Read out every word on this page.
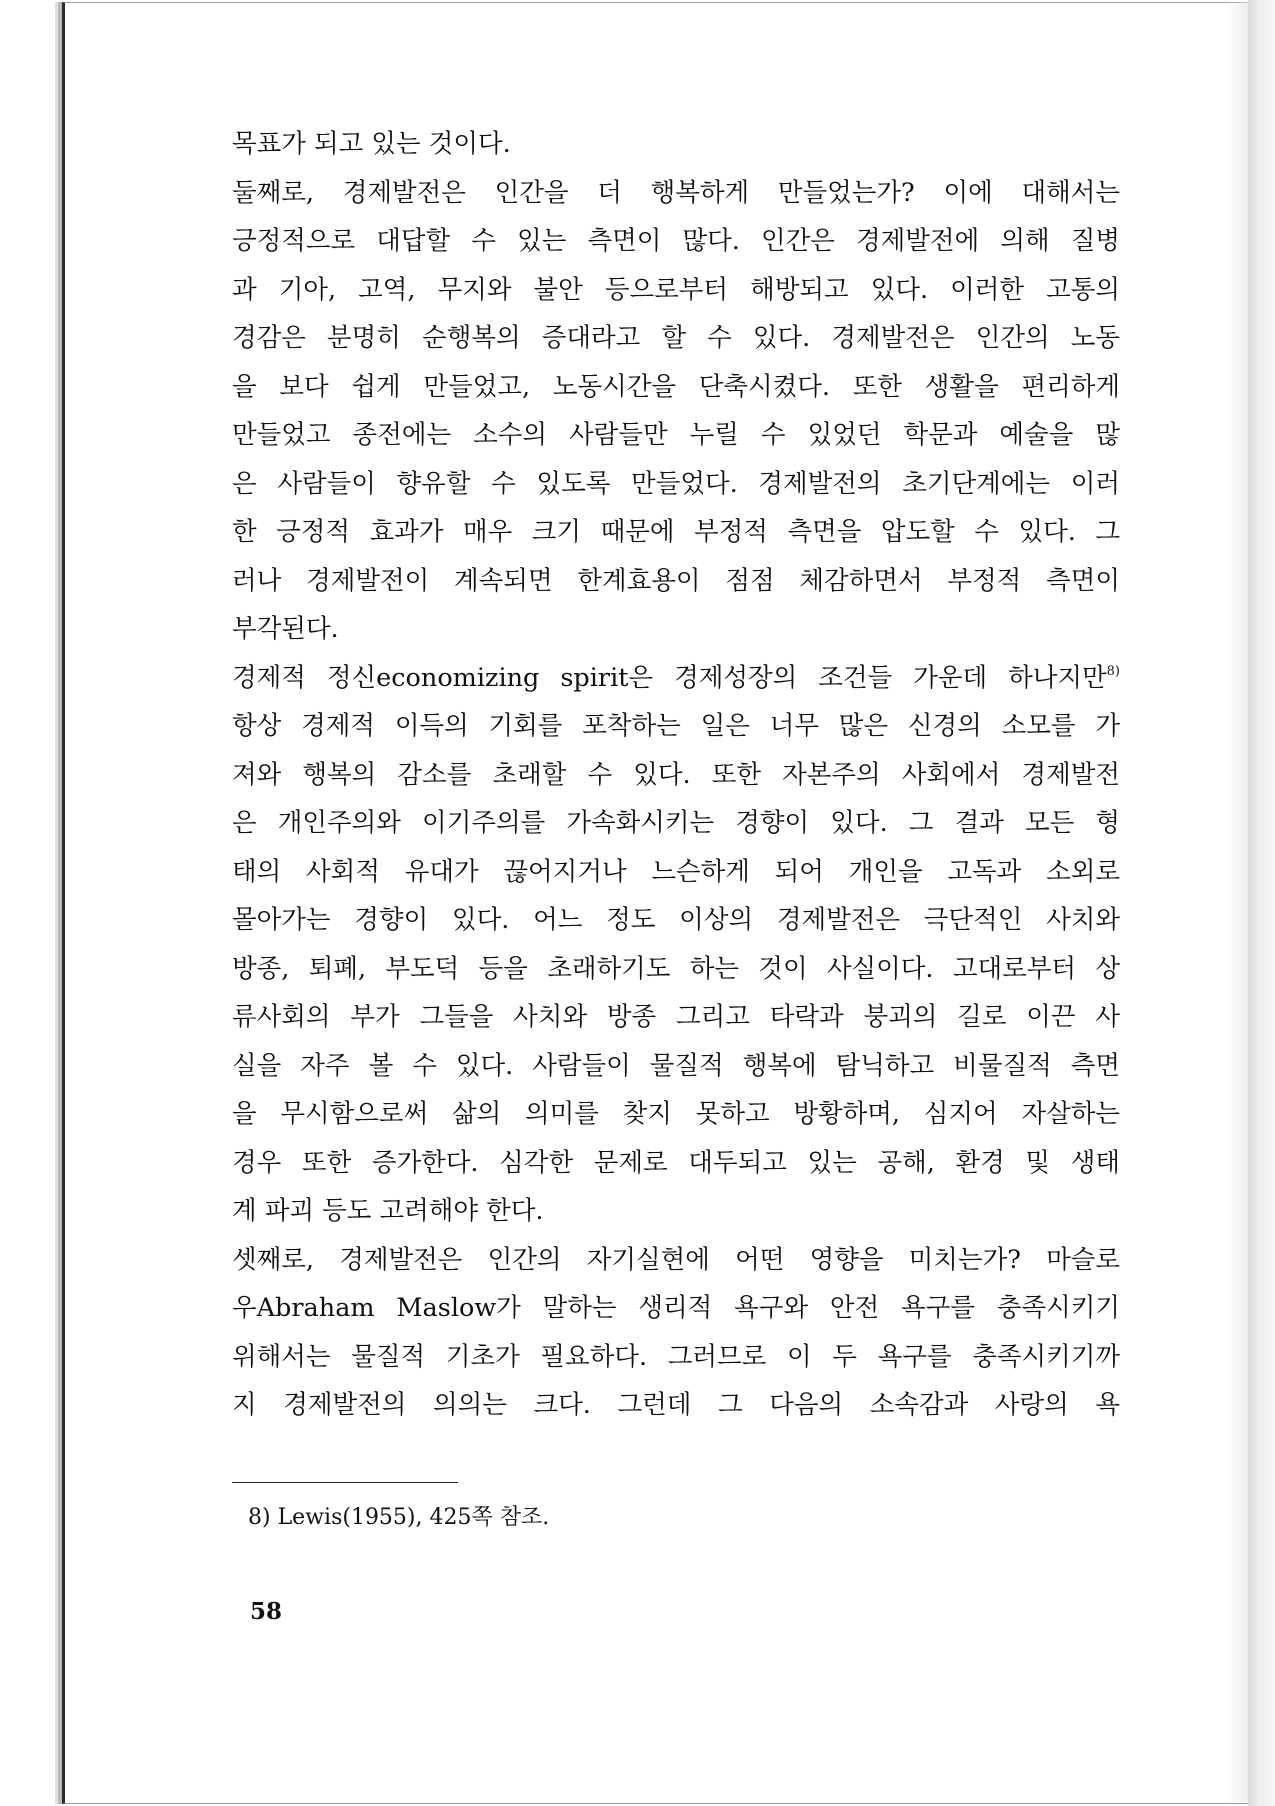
목표가 되고 있는 것이다.
둘째로, 경제발전은 인간을 더 행복하게 만들었는가? 이에 대해서는
긍정적으로 대답할 수 있는 측면이 많다. 인간은 경제발전에 의해 질병
과 기아, 고역, 무지와 불안 등으로부터 해방되고 있다. 이러한 고통의
경감은 분명히 순행복의 증대라고 할 수 있다. 경제발전은 인간의 노동
을 보다 쉽게 만들었고, 노동시간을 단축시켰다. 또한 생활을 편리하게
만들었고 종전에는 소수의 사람들만 누릴 수 있었던 학문과 예술을 많
은 사람들이 향유할 수 있도록 만들었다. 경제발전의 초기단계에는 이러
한 긍정적 효과가 매우 크기 때문에 부정적 측면을 압도할 수 있다. 그
러나 경제발전이 계속되면 한계효용이 점점 체감하면서 부정적 측면이
부각된다.
경제적 정신economizing spirit은 경제성장의 조건들 가운데 하나지만$^{8)}$
항상 경제적 이득의 기회를 포착하는 일은 너무 많은 신경의 소모를 가
져와 행복의 감소를 초래할 수 있다. 또한 자본주의 사회에서 경제발전
은 개인주의와 이기주의를 가속화시키는 경향이 있다. 그 결과 모든 형
태의 사회적 유대가 끊어지거나 느슨하게 되어 개인을 고독과 소외로
몰아가는 경향이 있다. 어느 정도 이상의 경제발전은 극단적인 사치와
방종, 퇴폐, 부도덕 등을 초래하기도 하는 것이 사실이다. 고대로부터 상
류사회의 부가 그들을 사치와 방종 그리고 타락과 붕괴의 길로 이끈 사
실을 자주 볼 수 있다. 사람들이 물질적 행복에 탐닉하고 비물질적 측면
을 무시함으로써 삶의 의미를 찾지 못하고 방황하며, 심지어 자살하는
경우 또한 증가한다. 심각한 문제로 대두되고 있는 공해, 환경 및 생태
계 파괴 등도 고려해야 한다.
셋째로, 경제발전은 인간의 자기실현에 어떤 영향을 미치는가? 마슬로
우Abraham Maslow가 말하는 생리적 욕구와 안전 욕구를 충족시키기
위해서는 물질적 기초가 필요하다. 그러므로 이 두 욕구를 충족시키기까
지 경제발전의 의의는 크다. 그런데 그 다음의 소속감과 사랑의 욕
8) Lewis(1955), 425쪽 참조.
58
